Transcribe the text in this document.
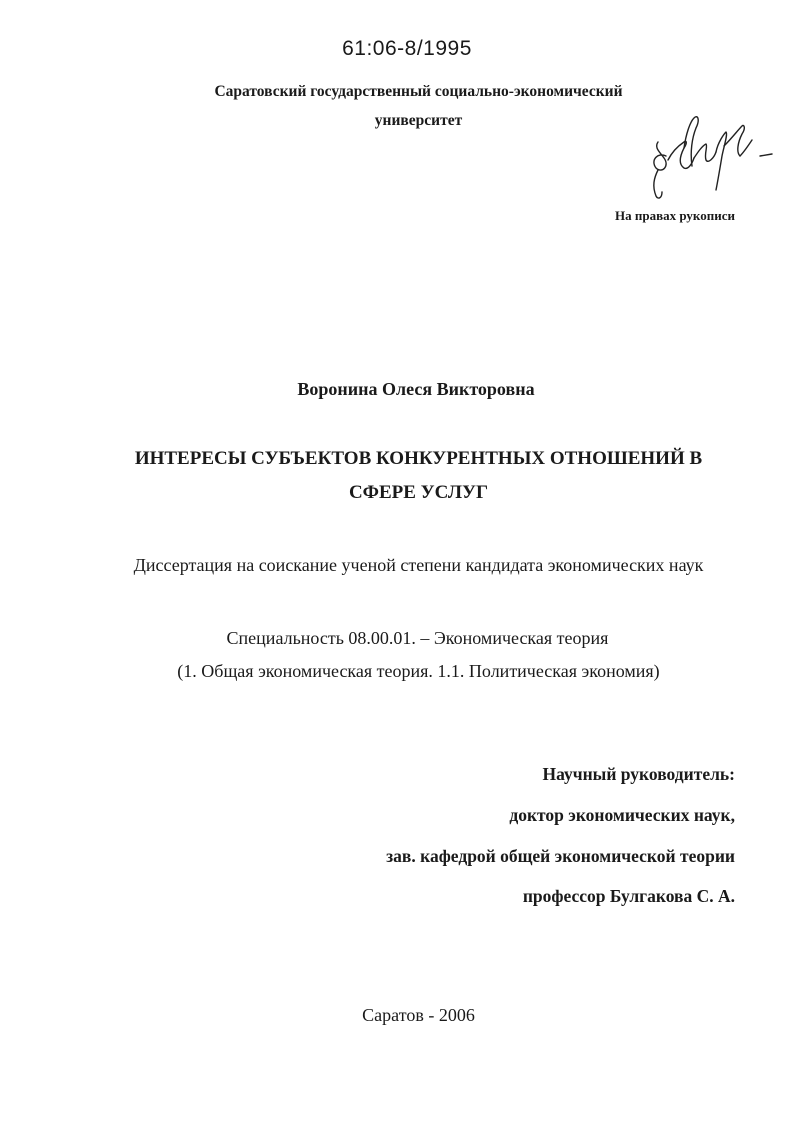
61:06-8/1995
Саратовский государственный социально-экономический
университет
На правах рукописи
Воронина Олеся Викторовна
ИНТЕРЕСЫ СУБЪЕКТОВ КОНКУРЕНТНЫХ ОТНОШЕНИЙ В
СФЕРЕ УСЛУГ
Диссертация на соискание ученой степени кандидата экономических наук
Специальность 08.00.01. – Экономическая теория
(1. Общая экономическая теория. 1.1. Политическая экономия)
Научный руководитель:
доктор экономических наук,
зав. кафедрой общей экономической теории
профессор Булгакова С. А.
Саратов - 2006
